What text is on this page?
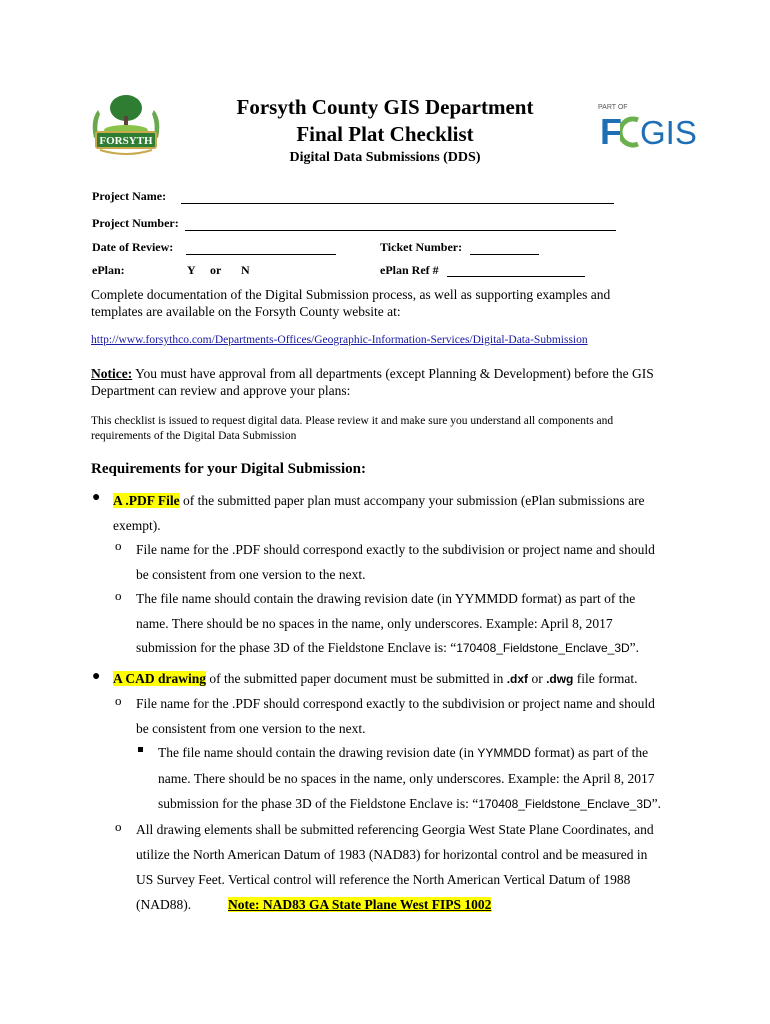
FORSYTH
PART OF
F GIS
Forsyth County GIS Department
Final Plat Checklist
Digital Data Submissions (DDS)
Project Name:
Project Number:
Date of Review:	Ticket Number:
ePlan:	Y or N	ePlan Ref #
Complete documentation of the Digital Submission process, as well as supporting examples and
templates are available on the Forsyth County website at:
http://www.forsythco.com/Departments-Offices/Geographic-Information-Services/Digital-Data-Submission
Notice: You must have approval from all departments (except Planning & Development) before the GIS
Department can review and approve your plans:
This checklist is issued to request digital data. Please review it and make sure you understand all components and
requirements of the Digital Data Submission
Requirements for your Digital Submission:
● A .PDF File of the submitted paper plan must accompany your submission (ePlan submissions are
exempt).
o File name for the .PDF should correspond exactly to the subdivision or project name and should
be consistent from one version to the next.
o The file name should contain the drawing revision date (in YYMMDD format) as part of the
name. There should be no spaces in the name, only underscores. Example: April 8, 2017
submission for the phase 3D of the Fieldstone Enclave is: “170408_Fieldstone_Enclave_3D”.
● A CAD drawing of the submitted paper document must be submitted in .dxf or .dwg file format.
o File name for the .PDF should correspond exactly to the subdivision or project name and should
be consistent from one version to the next.
The file name should contain the drawing revision date (in YYMMDD format) as part of the
name. There should be no spaces in the name, only underscores. Example: the April 8, 2017
submission for the phase 3D of the Fieldstone Enclave is: “170408_Fieldstone_Enclave_3D”.
o All drawing elements shall be submitted referencing Georgia West State Plane Coordinates, and
utilize the North American Datum of 1983 (NAD83) for horizontal control and be measured in
US Survey Feet. Vertical control will reference the North American Vertical Datum of 1988
(NAD88).	Note: NAD83 GA State Plane West FIPS 1002
